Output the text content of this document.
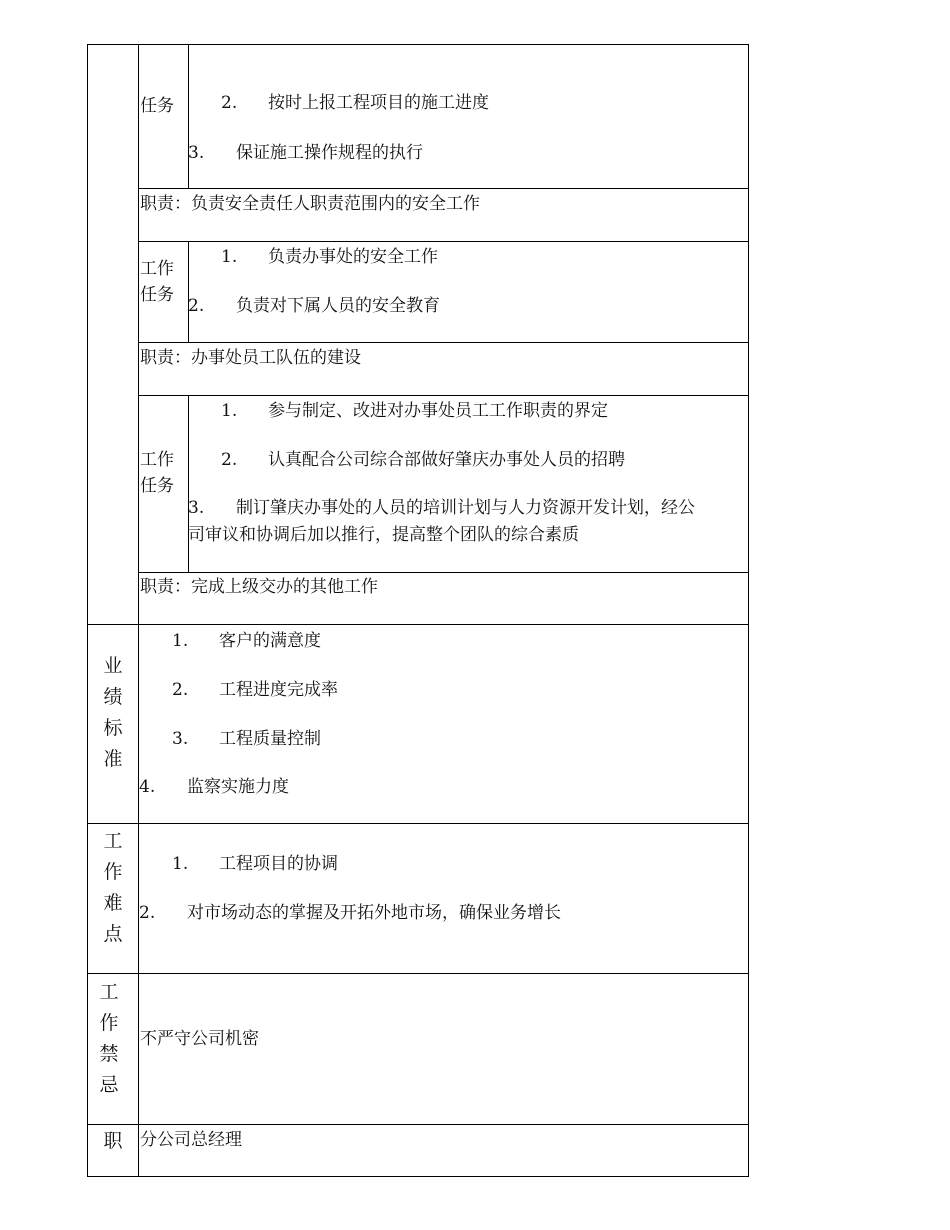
任务	2. 按时上报工程项目的施工进度
3. 保证施工操作规程的执行
职责：负责安全责任人职责范围内的安全工作
工作
任务
1. 负责办事处的安全工作
2. 负责对下属人员的安全教育
职责：办事处员工队伍的建设
工作
任务
1. 参与制定、改进对办事处员工工作职责的界定
2. 认真配合公司综合部做好肇庆办事处人员的招聘
3. 制订肇庆办事处的人员的培训计划与人力资源开发计划，经公
司审议和协调后加以推行，提高整个团队的综合素质
职责：完成上级交办的其他工作
业
绩
标
准
1. 客户的满意度
2. 工程进度完成率
3. 工程质量控制
4. 监察实施力度
工
作
难
点
1. 工程项目的协调
2. 对市场动态的掌握及开拓外地市场，确保业务增长
工
作
禁
忌
不严守公司机密
职	分公司总经理
